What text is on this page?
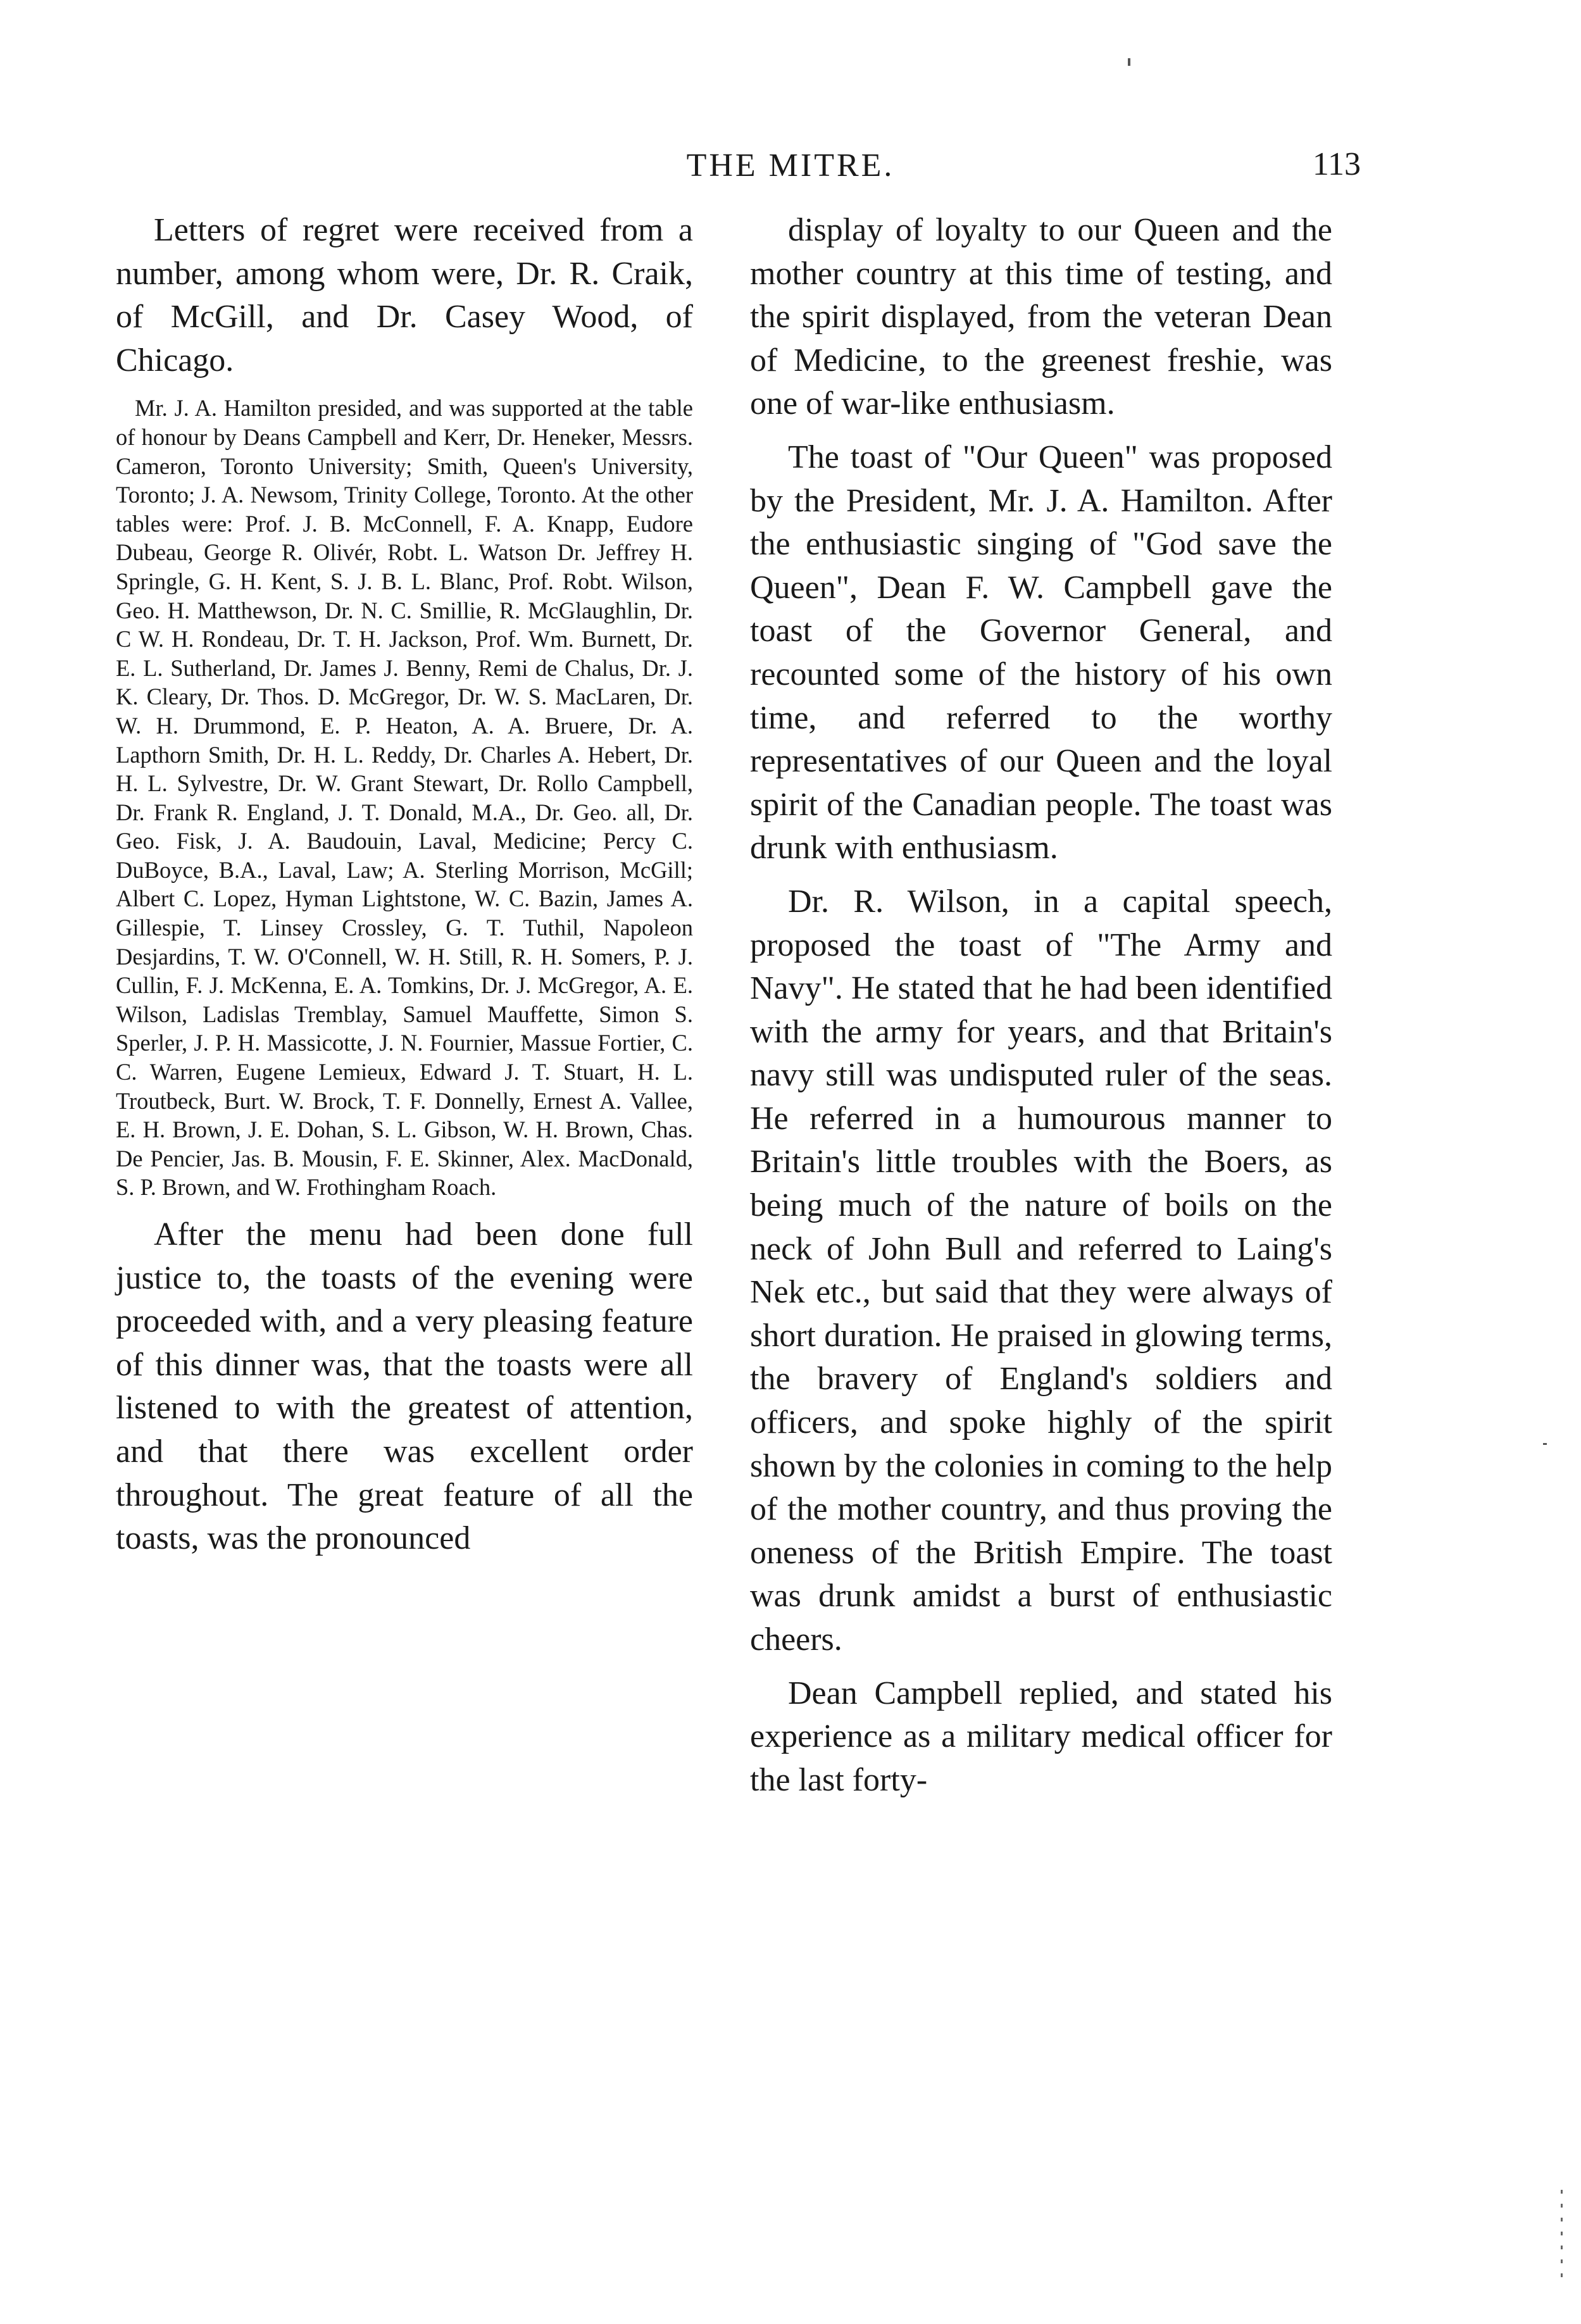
THE MITRE.	113

Letters of regret were received from a number, among whom were, Dr. R. Craik, of McGill, and Dr. Casey Wood, of Chicago.

Mr. J. A. Hamilton presided, and was supported at the table of honour by Deans Campbell and Kerr, Dr. Heneker, Messrs. Cameron, Toronto University; Smith, Queen's University, Toronto; J. A. Newsom, Trinity College, Toronto. At the other tables were: Prof. J. B. McConnell, F. A. Knapp, Eudore Dubeau, George R. Olivér, Robt. L. Watson Dr. Jeffrey H. Springle, G. H. Kent, S. J. B. L. Blanc, Prof. Robt. Wilson, Geo. H. Matthewson, Dr. N. C. Smillie, R. McGlaughlin, Dr. C W. H. Rondeau, Dr. T. H. Jackson, Prof. Wm. Burnett, Dr. E. L. Sutherland, Dr. James J. Benny, Remi de Chalus, Dr. J. K. Cleary, Dr. Thos. D. McGregor, Dr. W. S. MacLaren, Dr. W. H. Drummond, E. P. Heaton, A. A. Bruere, Dr. A. Lapthorn Smith, Dr. H. L. Reddy, Dr. Charles A. Hebert, Dr. H. L. Sylvestre, Dr. W. Grant Stewart, Dr. Rollo Campbell, Dr. Frank R. England, J. T. Donald, M.A., Dr. Geo. all, Dr. Geo. Fisk, J. A. Baudouin, Laval, Medicine; Percy C. DuBoyce, B.A., Laval, Law; A. Sterling Morrison, McGill; Albert C. Lopez, Hyman Lightstone, W. C. Bazin, James A. Gillespie, T. Linsey Crossley, G. T. Tuthil, Napoleon Desjardins, T. W. O'Connell, W. H. Still, R. H. Somers, P. J. Cullin, F. J. McKenna, E. A. Tomkins, Dr. J. McGregor, A. E. Wilson, Ladislas Tremblay, Samuel Mauffette, Simon S. Sperler, J. P. H. Massicotte, J. N. Fournier, Massue Fortier, C. C. Warren, Eugene Lemieux, Edward J. T. Stuart, H. L. Troutbeck, Burt. W. Brock, T. F. Donnelly, Ernest A. Vallee, E. H. Brown, J. E. Dohan, S. L. Gibson, W. H. Brown, Chas. De Pencier, Jas. B. Mousin, F. E. Skinner, Alex. MacDonald, S. P. Brown, and W. Frothingham Roach.

After the menu had been done full justice to, the toasts of the evening were proceeded with, and a very pleasing feature of this dinner was, that the toasts were all listened to with the greatest of attention, and that there was excellent order throughout. The great feature of all the toasts, was the pronounced

display of loyalty to our Queen and the mother country at this time of testing, and the spirit displayed, from the veteran Dean of Medicine, to the greenest freshie, was one of war-like enthusiasm.

The toast of "Our Queen" was proposed by the President, Mr. J. A. Hamilton. After the enthusiastic singing of "God save the Queen", Dean F. W. Campbell gave the toast of the Governor General, and recounted some of the history of his own time, and referred to the worthy representatives of our Queen and the loyal spirit of the Canadian people. The toast was drunk with enthusiasm.

Dr. R. Wilson, in a capital speech, proposed the toast of "The Army and Navy". He stated that he had been identified with the army for years, and that Britain's navy still was undisputed ruler of the seas. He referred in a humourous manner to Britain's little troubles with the Boers, as being much of the nature of boils on the neck of John Bull and referred to Laing's Nek etc., but said that they were always of short duration. He praised in glowing terms, the bravery of England's soldiers and officers, and spoke highly of the spirit shown by the colonies in coming to the help of the mother country, and thus proving the oneness of the British Empire. The toast was drunk amidst a burst of enthusiastic cheers.

Dean Campbell replied, and stated his experience as a military medical officer for the last forty-
